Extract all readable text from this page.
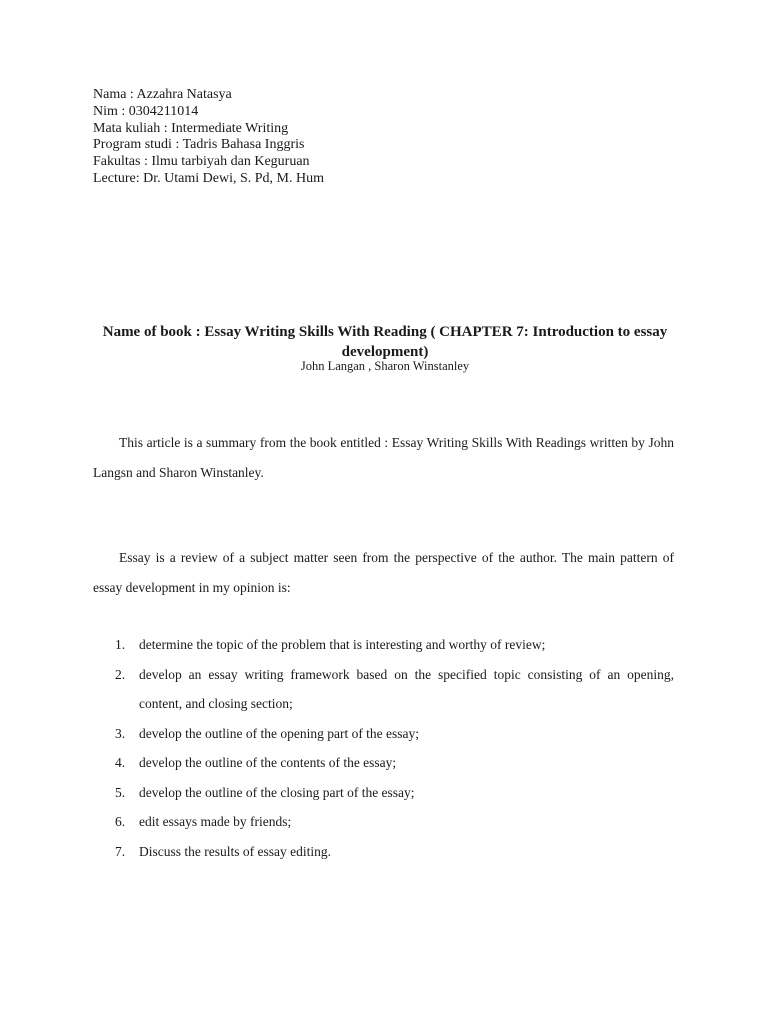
Nama : Azzahra Natasya
Nim : 0304211014
Mata kuliah : Intermediate Writing
Program studi : Tadris Bahasa Inggris
Fakultas : Ilmu tarbiyah dan Keguruan
Lecture: Dr. Utami Dewi, S. Pd, M. Hum
Name of book : Essay Writing Skills With Reading ( CHAPTER 7: Introduction to essay development)
John Langan , Sharon Winstanley

This article is a summary from the book entitled : Essay Writing Skills With Readings written by John Langsn and Sharon Winstanley.

Essay is a review of a subject matter seen from the perspective of the author. The main pattern of essay development in my opinion is:

1. determine the topic of the problem that is interesting and worthy of review;
2. develop an essay writing framework based on the specified topic consisting of an opening, content, and closing section;
3. develop the outline of the opening part of the essay;
4. develop the outline of the contents of the essay;
5. develop the outline of the closing part of the essay;
6. edit essays made by friends;
7. Discuss the results of essay editing.
